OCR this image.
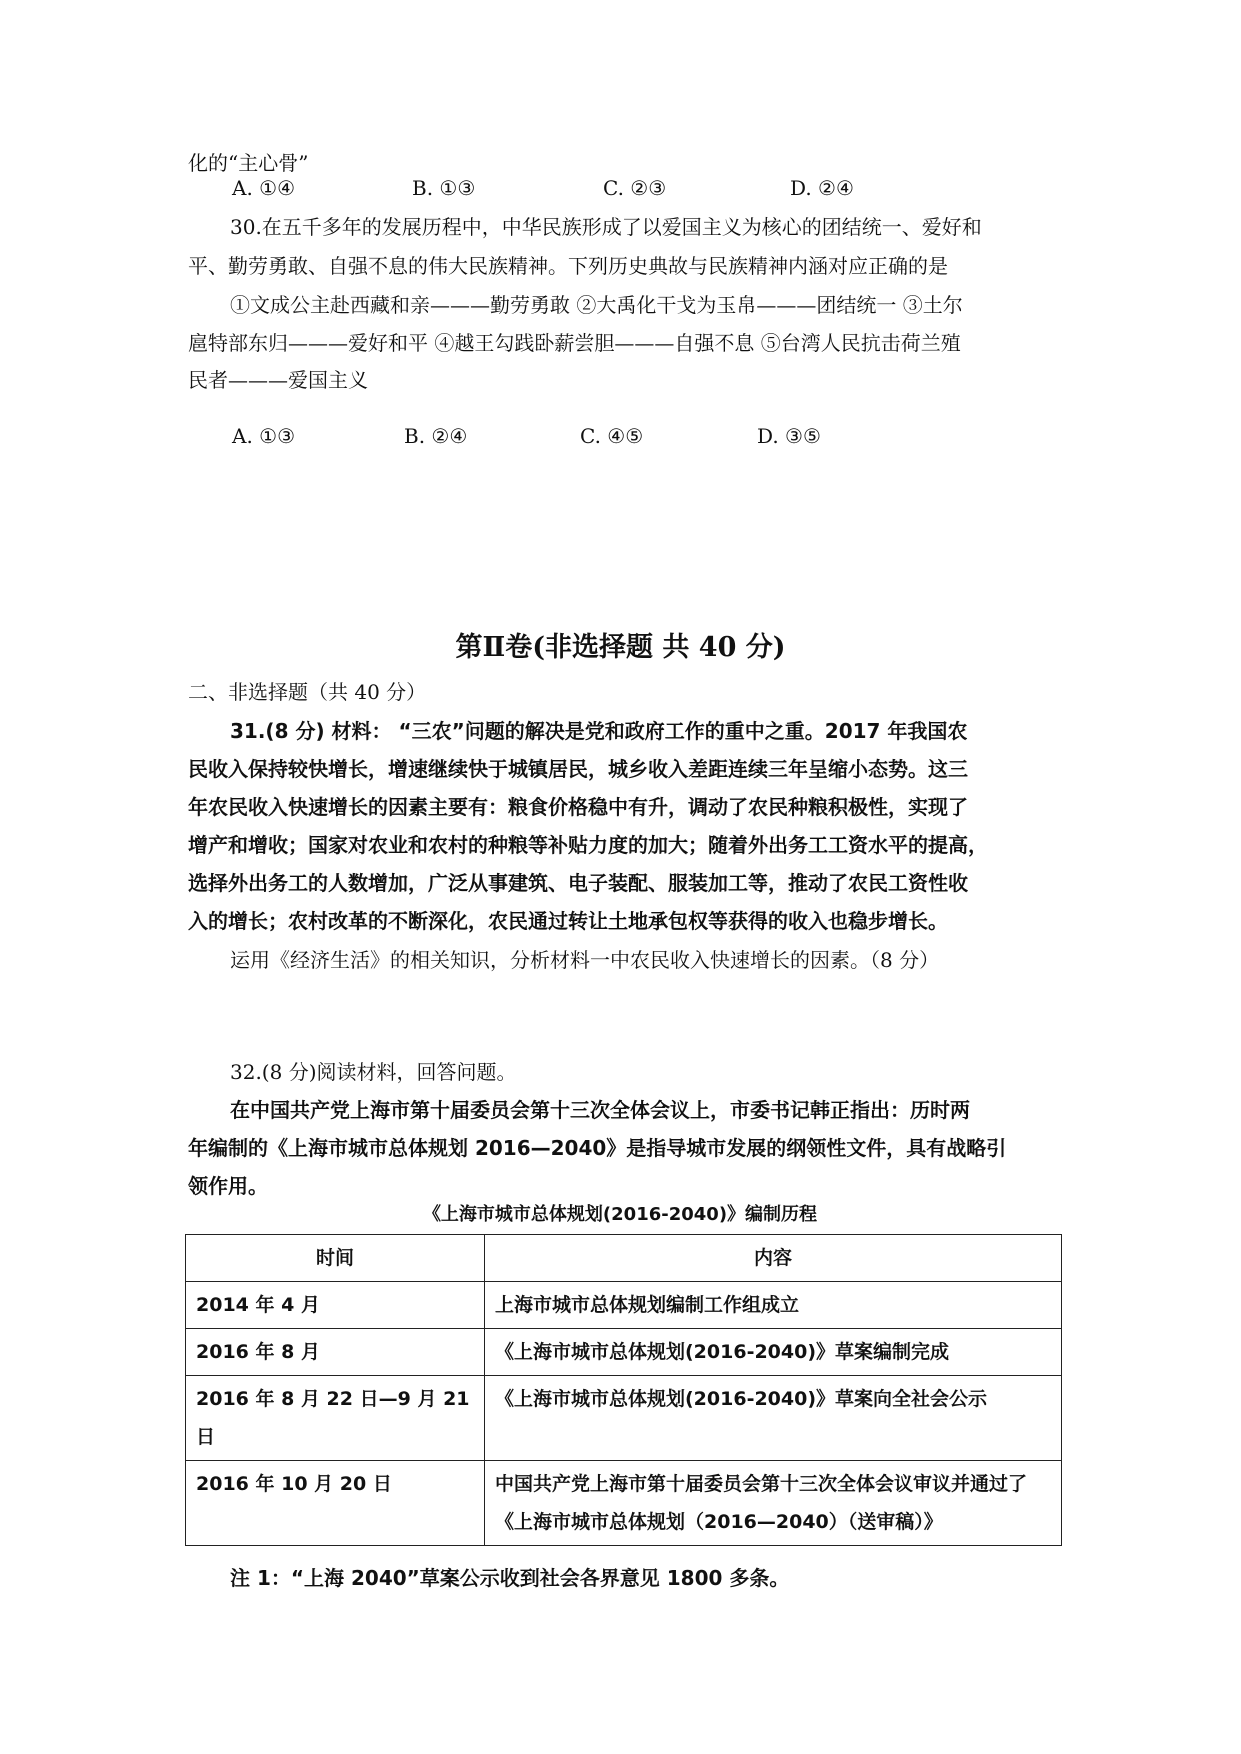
化的“主心骨”
A. ①④	B. ①③	C. ②③	D. ②④
30.在五千多年的发展历程中，中华民族形成了以爱国主义为核心的团结统一、爱好和
平、勤劳勇敢、自强不息的伟大民族精神。下列历史典故与民族精神内涵对应正确的是
①文成公主赴西藏和亲———勤劳勇敢 ②大禹化干戈为玉帛———团结统一 ③土尔
扈特部东归———爱好和平 ④越王勾践卧薪尝胆———自强不息 ⑤台湾人民抗击荷兰殖
民者———爱国主义
A. ①③	B. ②④	C. ④⑤	D. ③⑤
第Ⅱ卷(非选择题 共 40 分)
二、非选择题（共 40 分）
31.(8 分) 材料： “三农”问题的解决是党和政府工作的重中之重。2017 年我国农
民收入保持较快增长，增速继续快于城镇居民，城乡收入差距连续三年呈缩小态势。这三
年农民收入快速增长的因素主要有：粮食价格稳中有升，调动了农民种粮积极性，实现了
增产和增收；国家对农业和农村的种粮等补贴力度的加大；随着外出务工工资水平的提高，
选择外出务工的人数增加，广泛从事建筑、电子装配、服装加工等，推动了农民工资性收
入的增长；农村改革的不断深化，农民通过转让土地承包权等获得的收入也稳步增长。
运用《经济生活》的相关知识，分析材料一中农民收入快速增长的因素。（8 分）
32.(8 分)阅读材料，回答问题。
在中国共产党上海市第十届委员会第十三次全体会议上，市委书记韩正指出：历时两
年编制的《上海市城市总体规划 2016—2040》是指导城市发展的纲领性文件，具有战略引
领作用。
《上海市城市总体规划(2016-2040)》编制历程
时间	内容
2014 年 4 月	上海市城市总体规划编制工作组成立
2016 年 8 月	《上海市城市总体规划(2016-2040)》草案编制完成
2016 年 8 月 22 日—9 月 21 日	《上海市城市总体规划(2016-2040)》草案向全社会公示
2016 年 10 月 20 日	中国共产党上海市第十届委员会第十三次全体会议审议并通过了《上海市城市总体规划（2016—2040）（送审稿）》
注 1：“上海 2040”草案公示收到社会各界意见 1800 多条。
